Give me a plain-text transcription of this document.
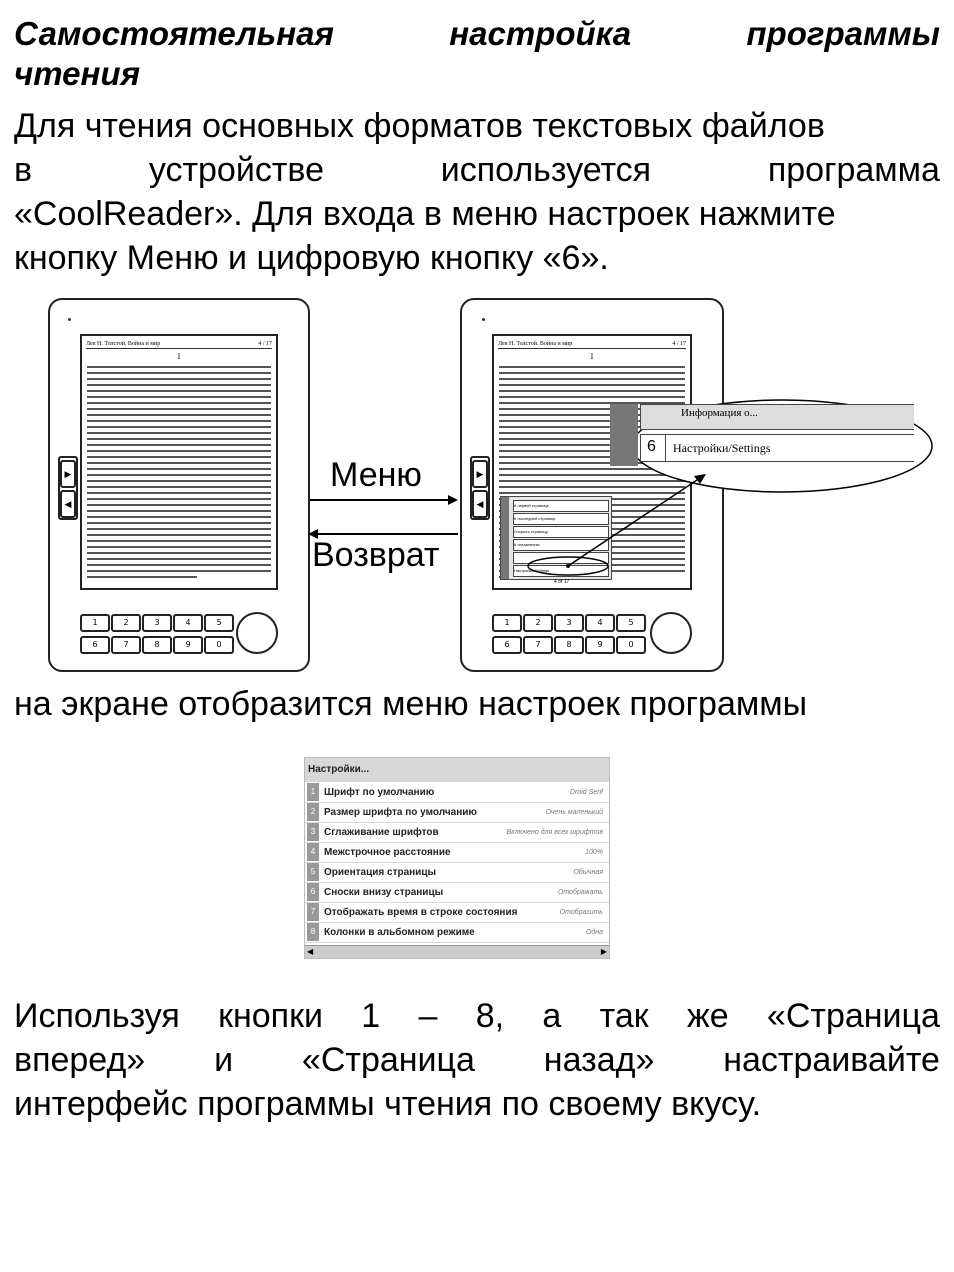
Самостоятельная	настройка	программы
чтения
Для чтения основных форматов текстовых файлов
в	устройстве	используется	программа
«CoolReader». Для входа в меню настроек нажмите
кнопку Меню и цифровую кнопку «6».
Лев Н. Толстой. Война и мир	4 / 17
I
▶
◀
1	2	3	4	5
6	7	8	9	0
Меню
Возврат
Лев Н. Толстой. Война и мир	4 / 17
I
К первой странице
К последней странице
Открыть страницу
К оглавлению
Настройки/Settings
4 of 17
▶
◀
1	2	3	4	5
6	7	8	9	0
Информация о...
6 Настройки/Settings
на экране отобразится меню настроек программы
Настройки...
1 Шрифт по умолчанию	Droid Serif
2 Размер шрифта по умолчанию	Очень маленький
3 Сглаживание шрифтов	Включено для всех шрифтов
4 Межстрочное расстояние	100%
5 Ориентация страницы	Обычная
6 Сноски внизу страницы	Отображать
7 Отображать время в строке состояния	Отобразить
8 Колонки в альбомном режиме	Одна
◀	▶
Используя кнопки 1 – 8, а так же «Страница
вперед» и «Страница назад» настраивайте
интерфейс программы чтения по своему вкусу.
